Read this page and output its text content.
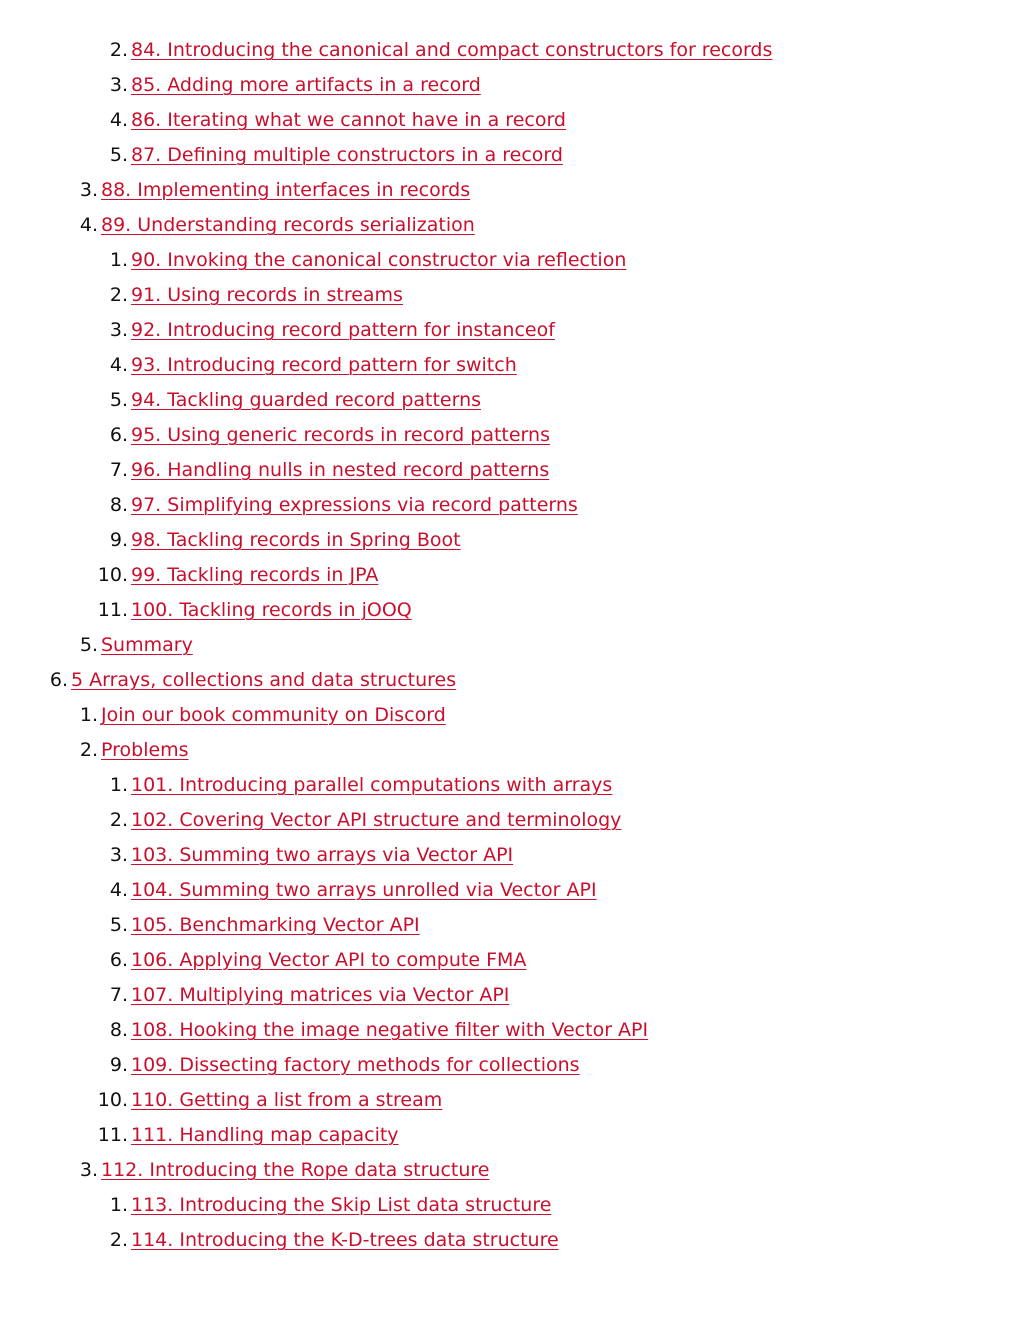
2. 84. Introducing the canonical and compact constructors for records
3. 85. Adding more artifacts in a record
4. 86. Iterating what we cannot have in a record
5. 87. Defining multiple constructors in a record
3. 88. Implementing interfaces in records
4. 89. Understanding records serialization
1. 90. Invoking the canonical constructor via reflection
2. 91. Using records in streams
3. 92. Introducing record pattern for instanceof
4. 93. Introducing record pattern for switch
5. 94. Tackling guarded record patterns
6. 95. Using generic records in record patterns
7. 96. Handling nulls in nested record patterns
8. 97. Simplifying expressions via record patterns
9. 98. Tackling records in Spring Boot
10. 99. Tackling records in JPA
11. 100. Tackling records in jOOQ
5. Summary
6. 5 Arrays, collections and data structures
1. Join our book community on Discord
2. Problems
1. 101. Introducing parallel computations with arrays
2. 102. Covering Vector API structure and terminology
3. 103. Summing two arrays via Vector API
4. 104. Summing two arrays unrolled via Vector API
5. 105. Benchmarking Vector API
6. 106. Applying Vector API to compute FMA
7. 107. Multiplying matrices via Vector API
8. 108. Hooking the image negative filter with Vector API
9. 109. Dissecting factory methods for collections
10. 110. Getting a list from a stream
11. 111. Handling map capacity
3. 112. Introducing the Rope data structure
1. 113. Introducing the Skip List data structure
2. 114. Introducing the K-D-trees data structure
